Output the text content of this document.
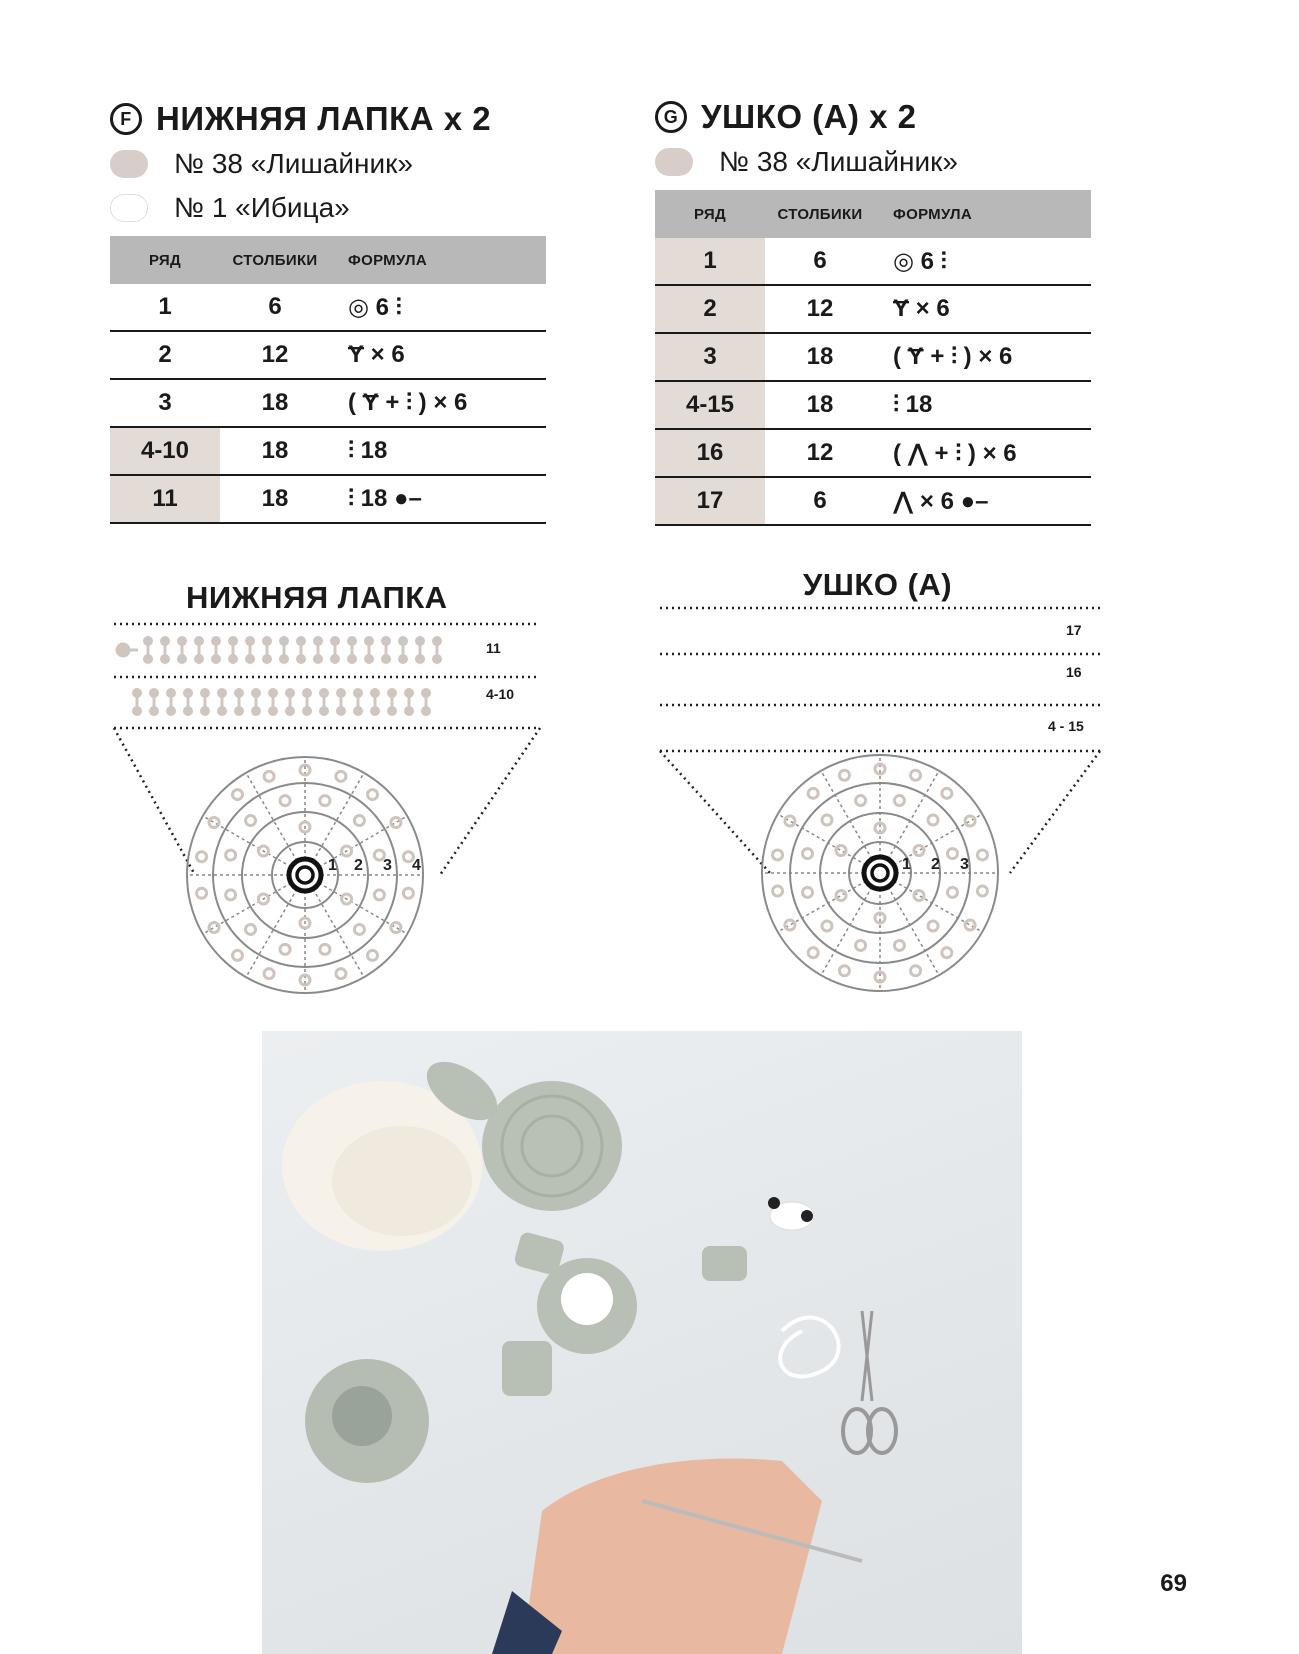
F НИЖНЯЯ ЛАПКА x 2
№ 38 «Лишайник»
№ 1 «Ибица»
РЯД	СТОЛБИКИ	ФОРМУЛА
1	6	◎ 6 ⫶
2	12	Ɏ × 6
3	18	( Ɏ + ⫶ ) × 6
4-10	18	⫶ 18
11	18	⫶ 18 ●–
НИЖНЯЯ ЛАПКА
11
4-10
1 2 3 4
G УШКО (А) x 2
№ 38 «Лишайник»
РЯД	СТОЛБИКИ	ФОРМУЛА
1	6	◎ 6 ⫶
2	12	Ɏ × 6
3	18	( Ɏ + ⫶ ) × 6
4-15	18	⫶ 18
16	12	( ⋀ + ⫶ ) × 6
17	6	⋀ × 6 ●–
УШКО (А)
17
16
4 - 15
1 2 3
69
